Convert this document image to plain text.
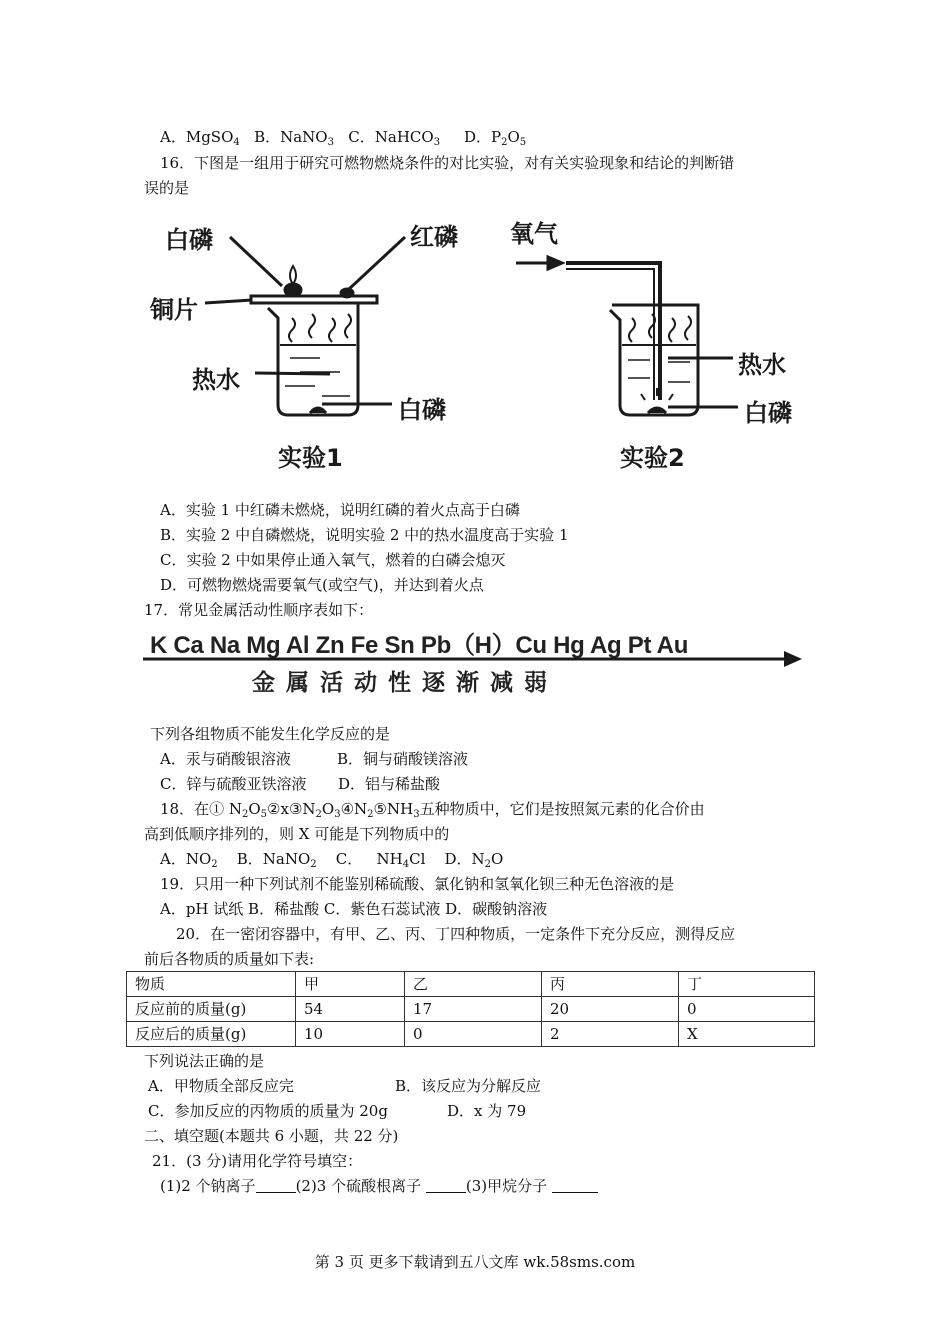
A．MgSO$_4$ B．NaNO$_3$ C．NaHCO$_3$ D．$P_2O_5$
16．下图是一组用于研究可燃物燃烧条件的对比实验，对有关实验现象和结论的判断错
误的是
白磷	红磷
铜片
热水
白磷
实验1
氧气
热水
白磷
实验2
A．实验 1 中红磷未燃烧，说明红磷的着火点高于白磷
B．实验 2 中自磷燃烧，说明实验 2 中的热水温度高于实验 1
C．实验 2 中如果停止通入氧气，燃着的白磷会熄灭
D．可燃物燃烧需要氧气(或空气)，并达到着火点
17．常见金属活动性顺序表如下：
K Ca Na Mg Al Zn Fe Sn Pb（H）Cu Hg Ag Pt Au
金属活动性逐渐减弱
下列各组物质不能发生化学反应的是
A．汞与硝酸银溶液	B．铜与硝酸镁溶液
C．锌与硫酸亚铁溶液 D．铝与稀盐酸
18．在① $N_2O_5②x③N_2O_3④N_2⑤NH_3$五种物质中，它们是按照氮元素的化合价由
高到低顺序排列的，则 X 可能是下列物质中的
A．$NO_2$ B．NaNO$_2$ C． $NH_4Cl$ D．$N_2O$
19．只用一种下列试剂不能鉴别稀硫酸、氯化钠和氢氧化钡三种无色溶液的是
A．pH 试纸 B．稀盐酸 C．紫色石蕊试液 D．碳酸钠溶液
20．在一密闭容器中，有甲、乙、丙、丁四种物质，一定条件下充分反应，测得反应
前后各物质的质量如下表:
物质	甲	乙	丙	丁
反应前的质量(g)	54	17	20	0
反应后的质量(g)	10	0	2	X
下列说法正确的是
A．甲物质全部反应完	B．该反应为分解反应
C．参加反应的丙物质的质量为 20g	D．x 为 79
二、填空题(本题共 6 小题，共 22 分)
21．(3 分)请用化学符号填空：
(1)2 个钠离子	(2)3 个硫酸根离子	(3)甲烷分子
第 3 页 更多下载请到五八文库 wk.58sms.com
